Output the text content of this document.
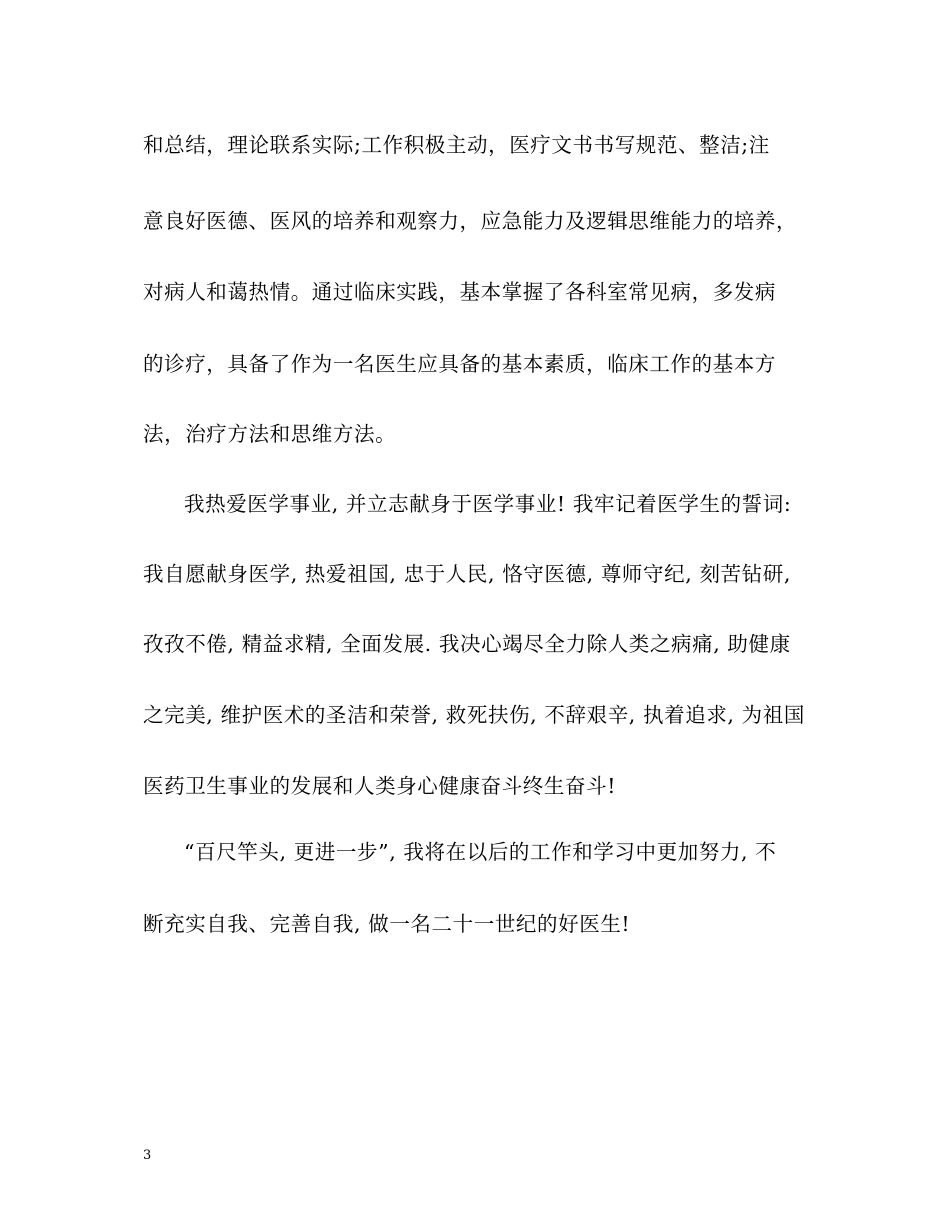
和总结，理论联系实际;工作积极主动，医疗文书书写规范、整洁;注
意良好医德、医风的培养和观察力，应急能力及逻辑思维能力的培养，
对病人和蔼热情。通过临床实践，基本掌握了各科室常见病，多发病
的诊疗，具备了作为一名医生应具备的基本素质，临床工作的基本方
法，治疗方法和思维方法。
我热爱医学事业, 并立志献身于医学事业! 我牢记着医学生的誓词:
我自愿献身医学, 热爱祖国, 忠于人民, 恪守医德, 尊师守纪, 刻苦钻研,
孜孜不倦, 精益求精, 全面发展. 我决心竭尽全力除人类之病痛, 助健康
之完美, 维护医术的圣洁和荣誉, 救死扶伤, 不辞艰辛, 执着追求, 为祖国
医药卫生事业的发展和人类身心健康奋斗终生奋斗!
“百尺竿头, 更进一步”, 我将在以后的工作和学习中更加努力, 不
断充实自我、完善自我, 做一名二十一世纪的好医生!
3
